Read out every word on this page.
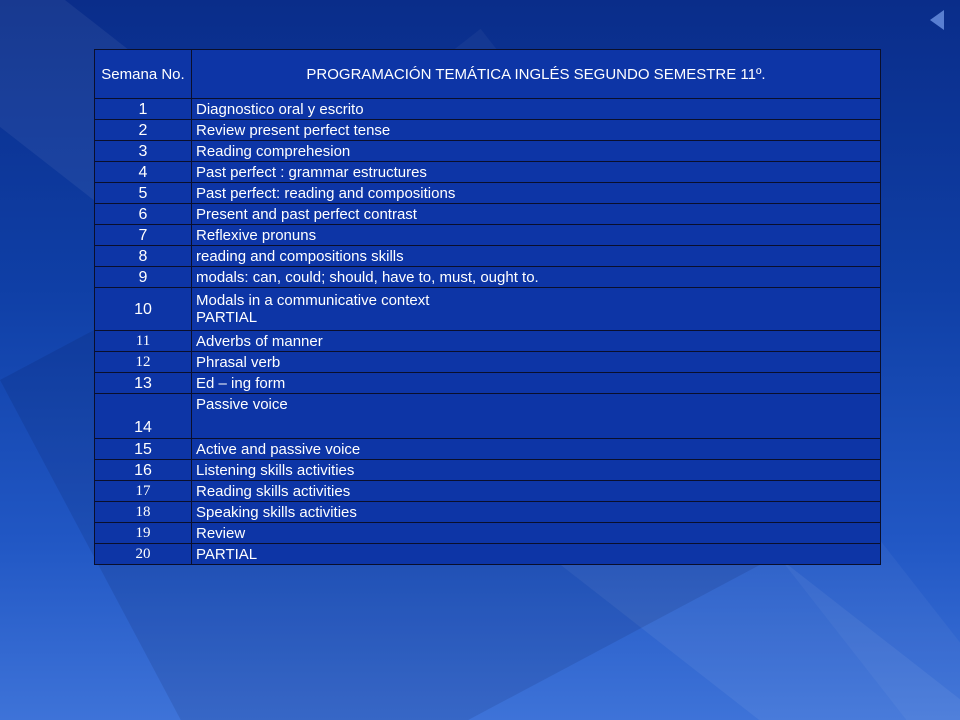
Semana No.	PROGRAMACIÓN TEMÁTICA INGLÉS SEGUNDO SEMESTRE 11º.
1	Diagnostico oral y escrito
2	Review present perfect tense
3	Reading comprehesion
4	Past perfect : grammar estructures
5	Past perfect: reading and compositions
6	Present and past perfect contrast
7	Reflexive pronuns
8	reading and compositions skills
9	modals: can, could; should, have to, must, ought to.
10	Modals in a communicative context
PARTIAL

11	Adverbs of manner
12	Phrasal verb
13	Ed – ing form
14	Passive voice
15	Active and passive voice
16	Listening skills activities
17	Reading skills activities
18	Speaking skills activities
19	Review
20	PARTIAL
